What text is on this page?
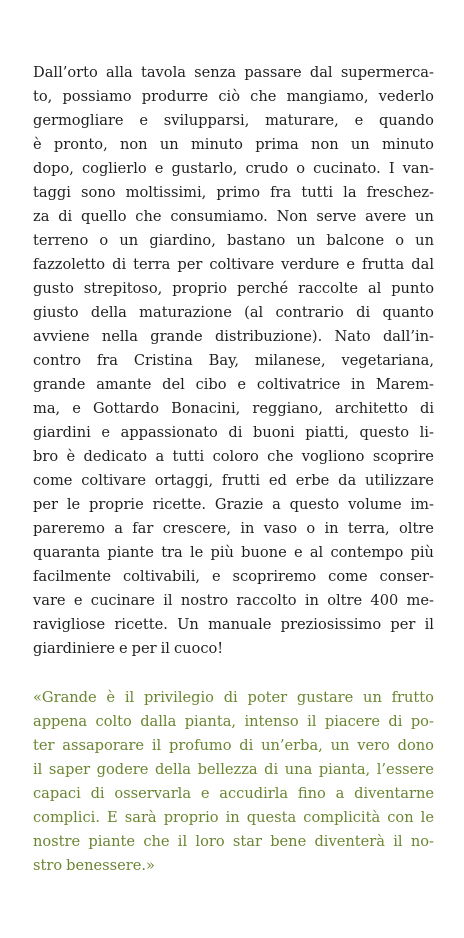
Dall’orto alla tavola senza passare dal supermerca-
to, possiamo produrre ciò che mangiamo, vederlo
germogliare e svilupparsi, maturare, e quando
è pronto, non un minuto prima non un minuto
dopo, coglierlo e gustarlo, crudo o cucinato. I van-
taggi sono moltissimi, primo fra tutti la freschez-
za di quello che consumiamo. Non serve avere un
terreno o un giardino, bastano un balcone o un
fazzoletto di terra per coltivare verdure e frutta dal
gusto strepitoso, proprio perché raccolte al punto
giusto della maturazione (al contrario di quanto
avviene nella grande distribuzione). Nato dall’in-
contro fra Cristina Bay, milanese, vegetariana,
grande amante del cibo e coltivatrice in Marem-
ma, e Gottardo Bonacini, reggiano, architetto di
giardini e appassionato di buoni piatti, questo li-
bro è dedicato a tutti coloro che vogliono scoprire
come coltivare ortaggi, frutti ed erbe da utilizzare
per le proprie ricette. Grazie a questo volume im-
pareremo a far crescere, in vaso o in terra, oltre
quaranta piante tra le più buone e al contempo più
facilmente coltivabili, e scopriremo come conser-
vare e cucinare il nostro raccolto in oltre 400 me-
ravigliose ricette. Un manuale preziosissimo per il
giardiniere e per il cuoco!
«Grande è il privilegio di poter gustare un frutto
appena colto dalla pianta, intenso il piacere di po-
ter assaporare il profumo di un’erba, un vero dono
il saper godere della bellezza di una pianta, l’essere
capaci di osservarla e accudirla fino a diventarne
complici. E sarà proprio in questa complicità con le
nostre piante che il loro star bene diventerà il no-
stro benessere.»
